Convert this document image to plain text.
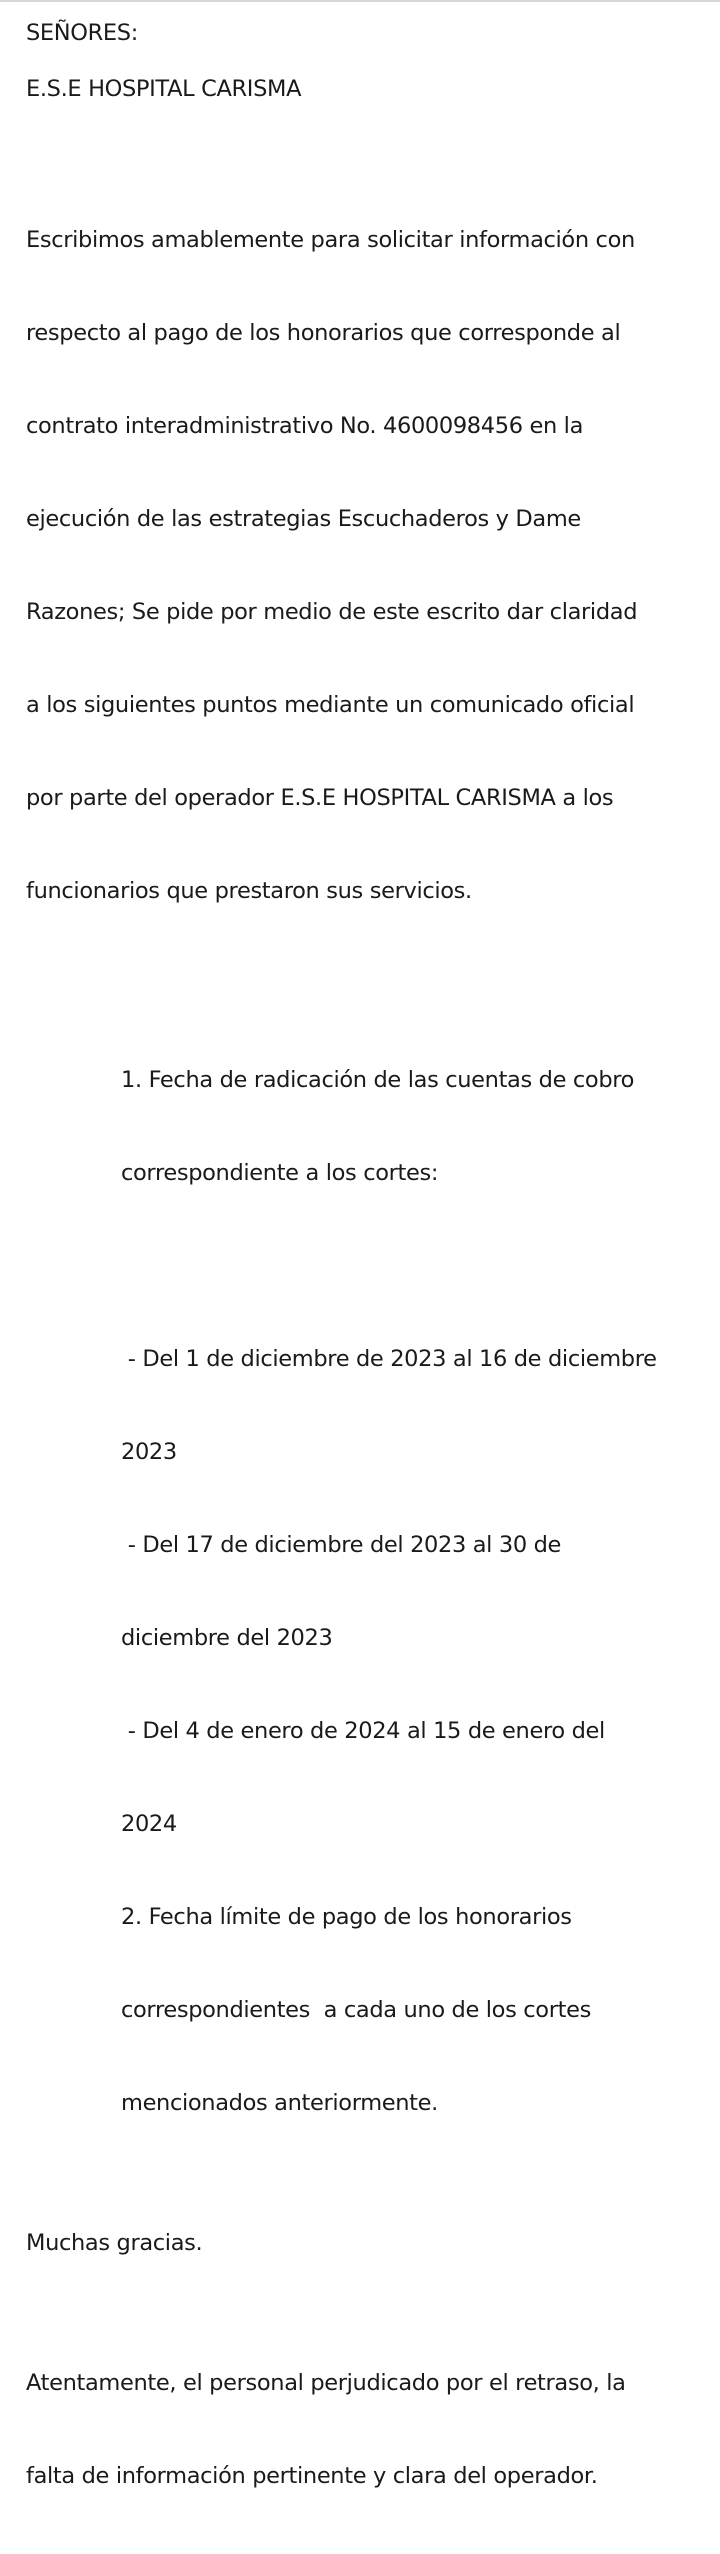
SEÑORES:

E.S.E HOSPITAL CARISMA

Escribimos amablemente para solicitar información con

respecto al pago de los honorarios que corresponde al

contrato interadministrativo No. 4600098456 en la

ejecución de las estrategias Escuchaderos y Dame

Razones; Se pide por medio de este escrito dar claridad

a los siguientes puntos mediante un comunicado oficial

por parte del operador E.S.E HOSPITAL CARISMA a los

funcionarios que prestaron sus servicios.

1. Fecha de radicación de las cuentas de cobro

correspondiente a los cortes:

- Del 1 de diciembre de 2023 al 16 de diciembre

2023

- Del 17 de diciembre del 2023 al 30 de

diciembre del 2023

- Del 4 de enero de 2024 al 15 de enero del

2024

2. Fecha límite de pago de los honorarios

correspondientes  a cada uno de los cortes

mencionados anteriormente.

Muchas gracias.

Atentamente, el personal perjudicado por el retraso, la

falta de información pertinente y clara del operador.
